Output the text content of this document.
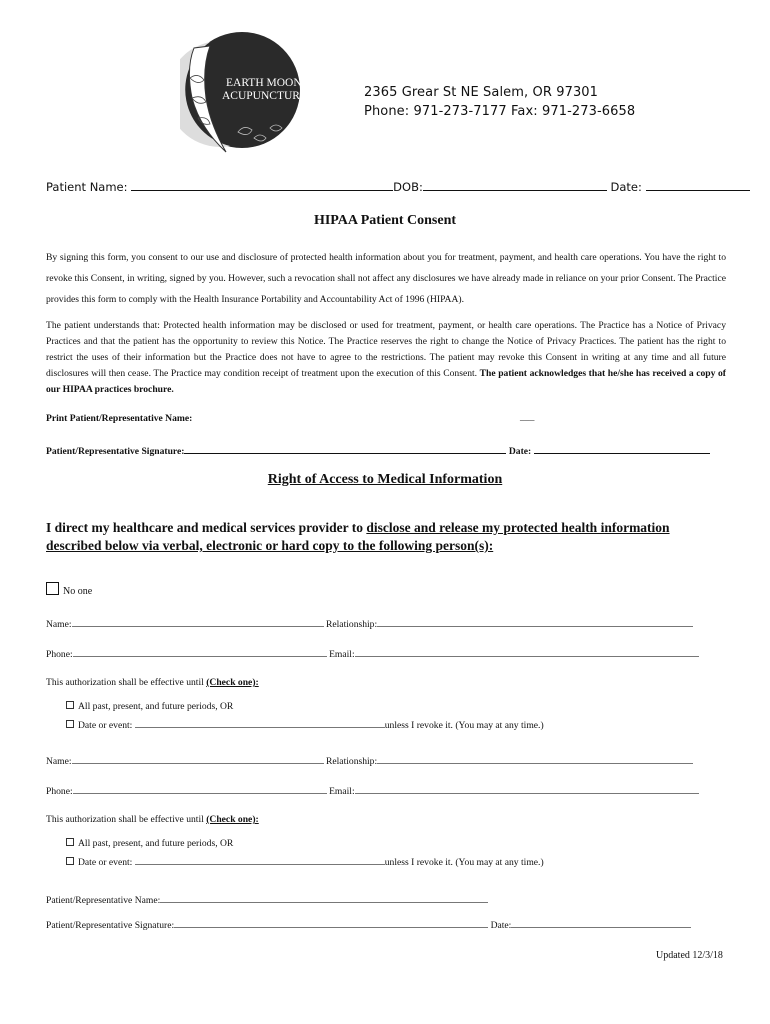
EARTH MOON
ACUPUNCTURE	2365 Grear St NE Salem, OR 97301
Phone: 971-273-7177 Fax: 971-273-6658
Patient Name:	DOB:	Date:
HIPAA Patient Consent
By signing this form, you consent to our use and disclosure of protected health information about you for treatment, payment, and health care operations. You have the right to revoke this Consent, in writing, signed by you. However, such a revocation shall not affect any disclosures we have already made in reliance on your prior Consent. The Practice provides this form to comply with the Health Insurance Portability and Accountability Act of 1996 (HIPAA).
The patient understands that: Protected health information may be disclosed or used for treatment, payment, or health care operations. The Practice has a Notice of Privacy Practices and that the patient has the opportunity to review this Notice. The Practice reserves the right to change the Notice of Privacy Practices. The patient has the right to restrict the uses of their information but the Practice does not have to agree to the restrictions. The patient may revoke this Consent in writing at any time and all future disclosures will then cease. The Practice may condition receipt of treatment upon the execution of this Consent. The patient acknowledges that he/she has received a copy of our HIPAA practices brochure.
Print Patient/Representative Name:	___
Patient/Representative Signature:	Date:
Right of Access to Medical Information
I direct my healthcare and medical services provider to disclose and release my protected health information described below via verbal, electronic or hard copy to the following person(s):
No one
Name:	Relationship:
Phone:	Email:
This authorization shall be effective until (Check one):
All past, present, and future periods, OR
Date or event:	unless I revoke it. (You may at any time.)
Name:	Relationship:
Phone:	Email:
This authorization shall be effective until (Check one):
All past, present, and future periods, OR
Date or event:	unless I revoke it. (You may at any time.)
Patient/Representative Name:
Patient/Representative Signature:	Date:
Updated 12/3/18
